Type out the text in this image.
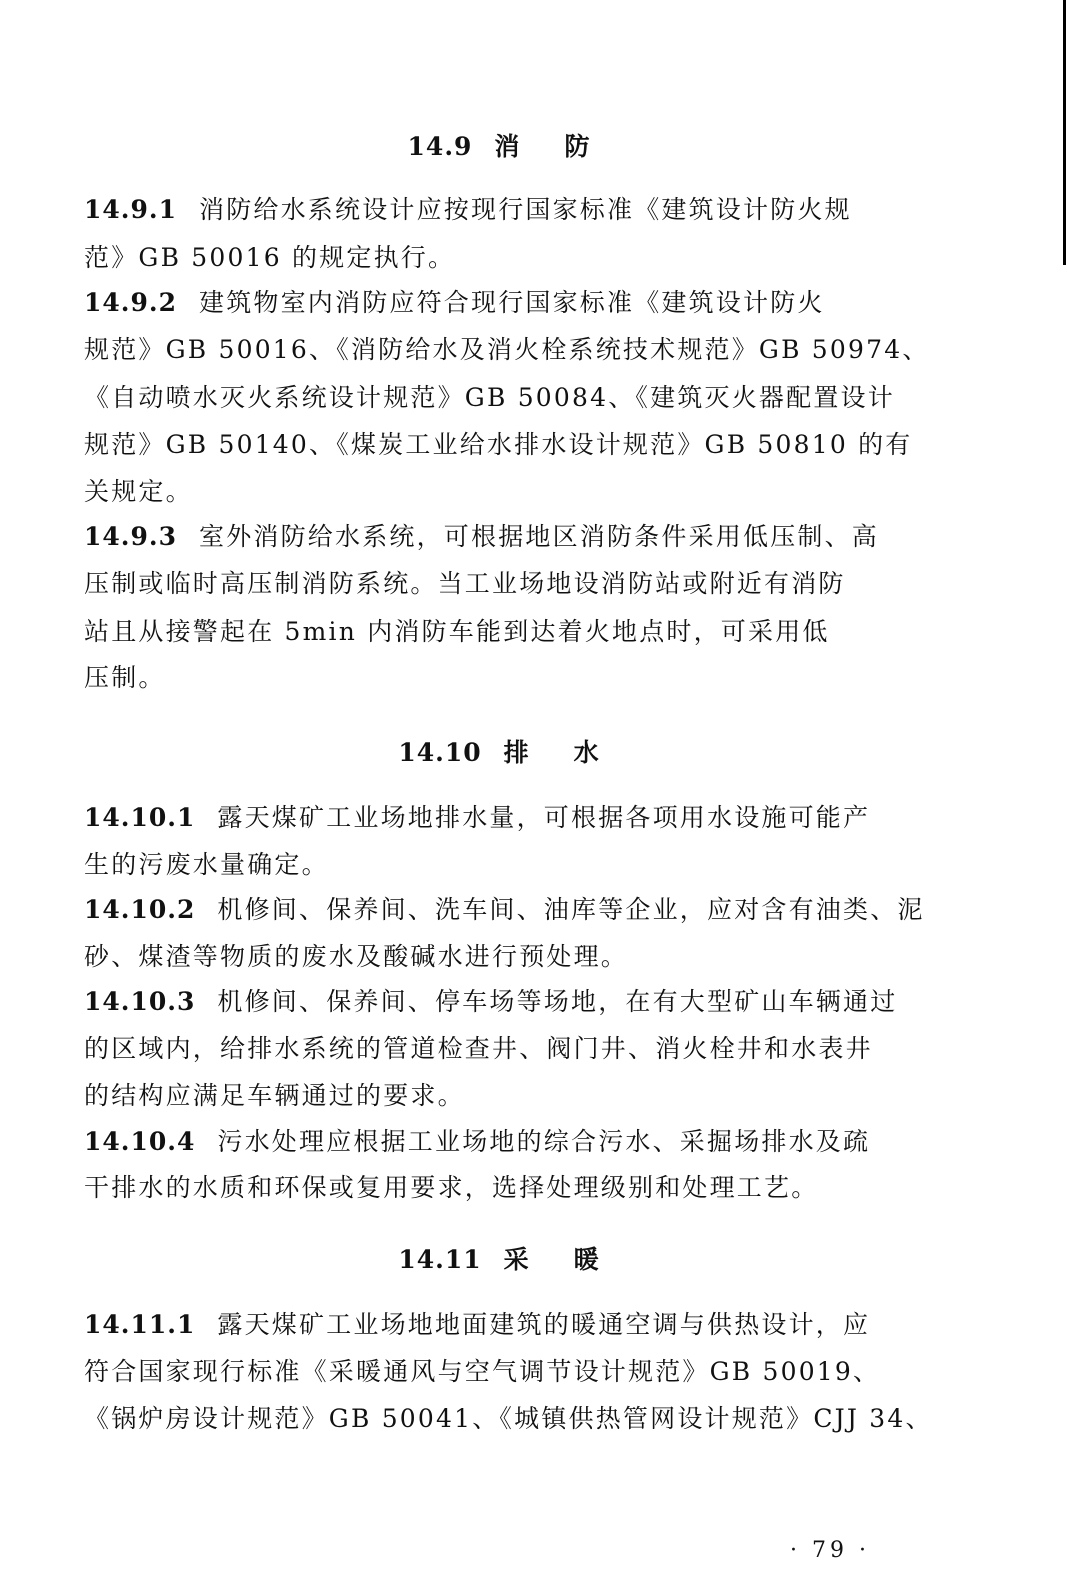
14.9 消 防
14.9.1 消防给水系统设计应按现行国家标准《建筑设计防火规
范》GB 50016 的规定执行。
14.9.2 建筑物室内消防应符合现行国家标准《建筑设计防火
规范》GB 50016、《消防给水及消火栓系统技术规范》GB 50974、
《自动喷水灭火系统设计规范》GB 50084、《建筑灭火器配置设计
规范》GB 50140、《煤炭工业给水排水设计规范》GB 50810 的有
关规定。
14.9.3 室外消防给水系统，可根据地区消防条件采用低压制、高
压制或临时高压制消防系统。当工业场地设消防站或附近有消防
站且从接警起在 5min 内消防车能到达着火地点时，可采用低
压制。
14.10 排 水
14.10.1 露天煤矿工业场地排水量，可根据各项用水设施可能产
生的污废水量确定。
14.10.2 机修间、保养间、洗车间、油库等企业，应对含有油类、泥
砂、煤渣等物质的废水及酸碱水进行预处理。
14.10.3 机修间、保养间、停车场等场地，在有大型矿山车辆通过
的区域内，给排水系统的管道检查井、阀门井、消火栓井和水表井
的结构应满足车辆通过的要求。
14.10.4 污水处理应根据工业场地的综合污水、采掘场排水及疏
干排水的水质和环保或复用要求，选择处理级别和处理工艺。
14.11 采 暖
14.11.1 露天煤矿工业场地地面建筑的暖通空调与供热设计，应
符合国家现行标准《采暖通风与空气调节设计规范》GB 50019、
《锅炉房设计规范》GB 50041、《城镇供热管网设计规范》CJJ 34、
· 79 ·
